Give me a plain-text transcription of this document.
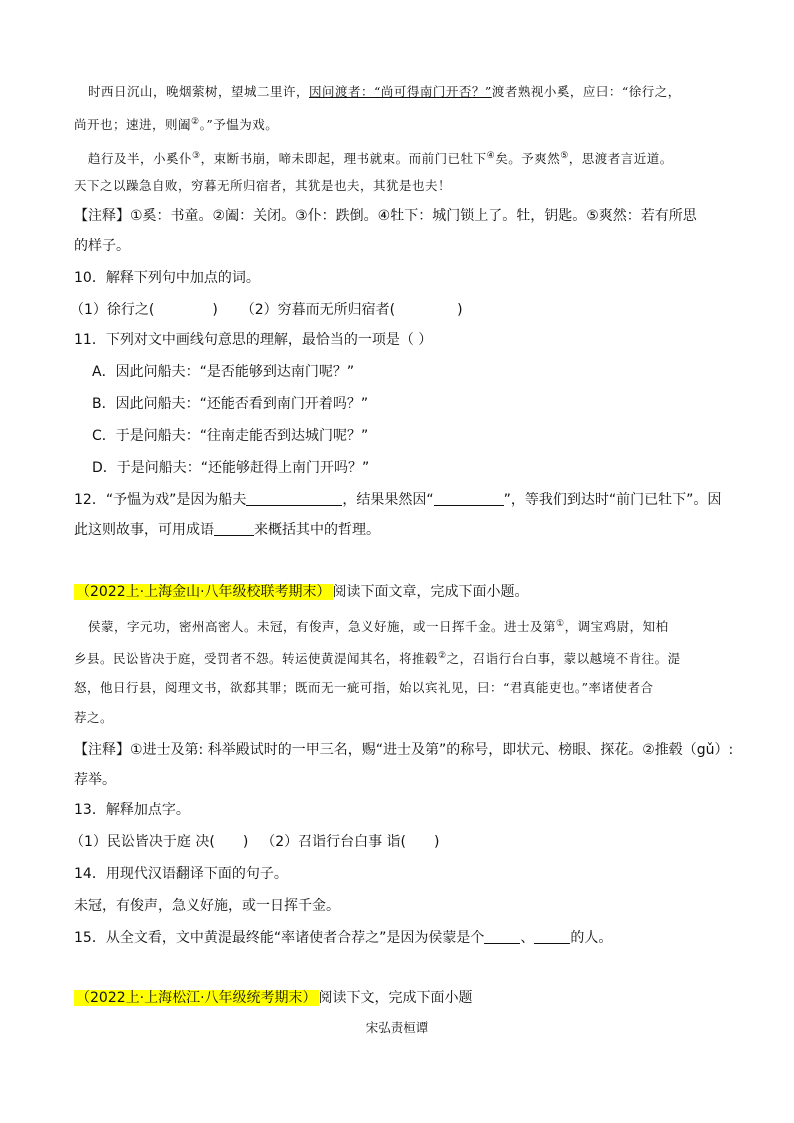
时西日沉山，晚烟萦树，望城二里许，因问渡者：“尚可得南门开否？”渡者熟视小奚，应曰：“徐行之，
尚开也；速进，则阖②。”予愠为戏。
趋行及半，小奚仆③，束断书崩，啼未即起，理书就束。而前门已牡下④矣。予爽然⑤，思渡者言近道。
天下之以躁急自败，穷暮无所归宿者，其犹是也夫，其犹是也夫！
【注释】①奚：书童。②阖：关闭。③仆：跌倒。④牡下：城门锁上了。牡，钥匙。⑤爽然：若有所思
的样子。
10．解释下列句中加点的词。
（1）徐行之(	) （2）穷暮而无所归宿者(	)
11．下列对文中画线句意思的理解，最恰当的一项是（ ）
A．因此问船夫：“是否能够到达南门呢？”
B．因此问船夫：“还能否看到南门开着吗？”
C．于是问船夫：“往南走能否到达城门呢？”
D．于是问船夫：“还能够赶得上南门开吗？”
12．“予愠为戏”是因为船夫	，结果果然因“	”，等我们到达时“前门已牡下”。因
此这则故事，可用成语	来概括其中的哲理。
（2022上·上海金山·八年级校联考期末） 阅读下面文章，完成下面小题。
侯蒙，字元功，密州高密人。未冠，有俊声，急义好施，或一日挥千金。进士及第①，调宝鸡尉，知柏
乡县。民讼皆决于庭，受罚者不怨。转运使黄湜闻其名，将推毂②之，召诣行台白事，蒙以越境不肯往。湜
怒，他日行县，阅理文书，欲郄其罪；既而无一疵可指，始以宾礼见，曰：“君真能吏也。”率诸使者合
荐之。
【注释】①进士及第: 科举殿试时的一甲三名，赐“进士及第”的称号，即状元、榜眼、探花。②推毂（gǔ）:
荐举。
13．解释加点字。
（1）民讼皆决于庭 决( ) （2）召诣行台白事 诣( )
14．用现代汉语翻译下面的句子。
未冠，有俊声，急义好施，或一日挥千金。
15．从全文看，文中黄湜最终能“率诸使者合荐之”是因为侯蒙是个	、	的人。
（2022上·上海松江·八年级统考期末） 阅读下文，完成下面小题
宋弘责桓谭
